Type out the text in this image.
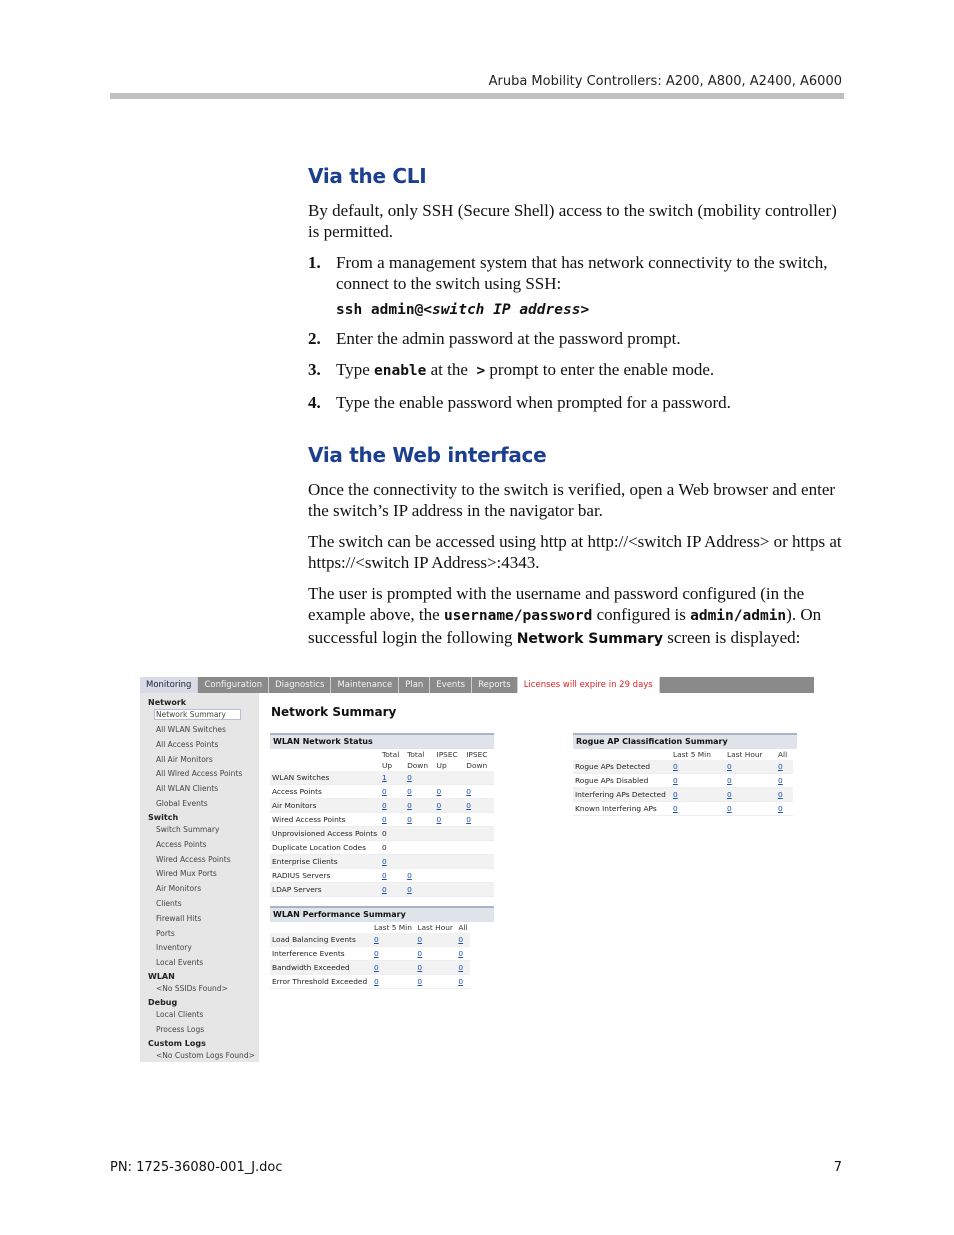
Aruba Mobility Controllers: A200, A800, A2400, A6000
Via the CLI

By default, only SSH (Secure Shell) access to the switch (mobility controller) is permitted.

1. From a management system that has network connectivity to the switch, connect to the switch using SSH:
ssh admin@<switch IP address>
2. Enter the admin password at the password prompt.
3. Type enable at the  > prompt to enter the enable mode.
4. Type the enable password when prompted for a password.
Via the Web interface

Once the connectivity to the switch is verified, open a Web browser and enter the switch’s IP address in the navigator bar.

The switch can be accessed using http at http://<switch IP Address> or https at https://<switch IP Address>:4343.

The user is prompted with the username and password configured (in the example above, the username/password configured is admin/admin). On successful login the following Network Summary screen is displayed:

Monitoring	Configuration	Diagnostics	Maintenance	Plan	Events	Reports	Licenses will expire in 29 days
Network
Network Summary
All WLAN Switches
All Access Points
All Air Monitors
All Wired Access Points
All WLAN Clients
Global Events
Switch
Switch Summary
Access Points
Wired Access Points
Wired Mux Ports
Air Monitors
Clients
Firewall Hits
Ports
Inventory
Local Events
WLAN
<No SSIDs Found>
Debug
Local Clients
Process Logs
Custom Logs
<No Custom Logs Found>
Network Summary
WLAN Network Status
	Total	Total	IPSEC	IPSEC
	Up	Down	Up	Down
WLAN Switches	1	0		
Access Points	0	0	0	0
Air Monitors	0	0	0	0
Wired Access Points	0	0	0	0
Unprovisioned Access Points	0			
Duplicate Location Codes	0			
Enterprise Clients	0			
RADIUS Servers	0	0		
LDAP Servers	0	0		
WLAN Performance Summary
	Last 5 Min	Last Hour	All
Load Balancing Events	0	0	0
Interference Events	0	0	0
Bandwidth Exceeded	0	0	0
Error Threshold Exceeded	0	0	0
Rogue AP Classification Summary
	Last 5 Min	Last Hour	All
Rogue APs Detected	0	0	0
Rogue APs Disabled	0	0	0
Interfering APs Detected	0	0	0
Known Interfering APs	0	0	0
PN: 1725-36080-001_J.doc	7
